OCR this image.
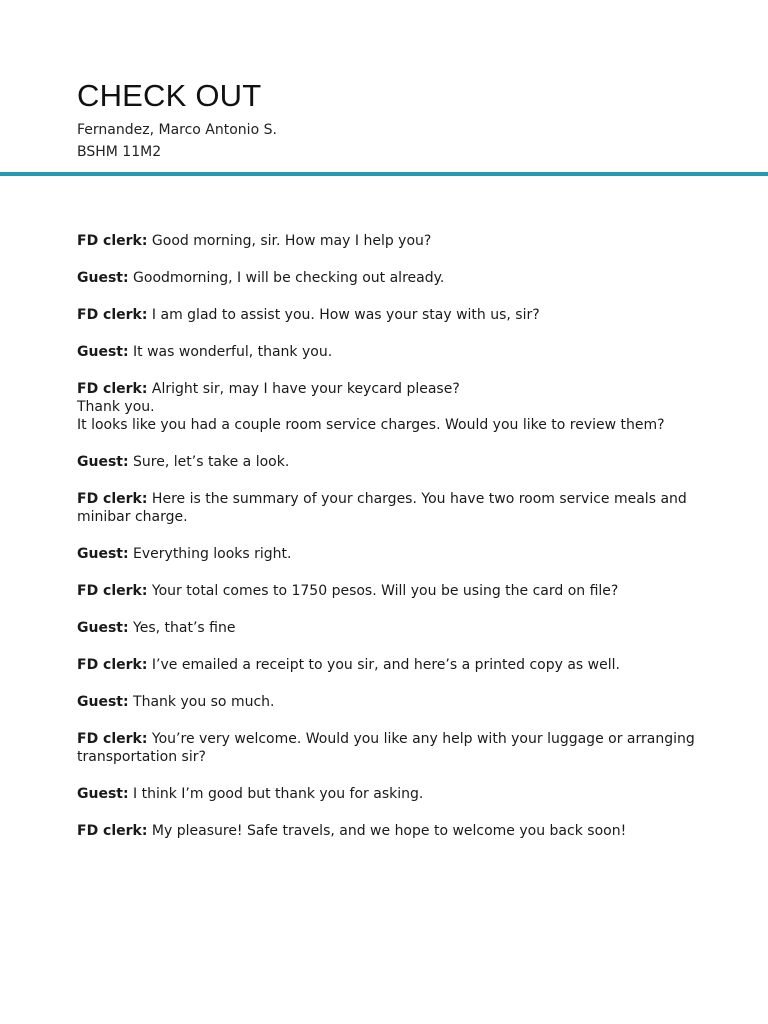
CHECK OUT

Fernandez, Marco Antonio S.

BSHM 11M2

FD clerk: Good morning, sir. How may I help you?

Guest: Goodmorning, I will be checking out already.

FD clerk: I am glad to assist you. How was your stay with us, sir?

Guest: It was wonderful, thank you.

FD clerk: Alright sir, may I have your keycard please?
Thank you.
It looks like you had a couple room service charges. Would you like to review them?

Guest: Sure, let’s take a look.

FD clerk: Here is the summary of your charges. You have two room service meals and minibar charge.

Guest: Everything looks right.

FD clerk: Your total comes to 1750 pesos. Will you be using the card on file?

Guest: Yes, that’s fine

FD clerk: I’ve emailed a receipt to you sir, and here’s a printed copy as well.

Guest: Thank you so much.

FD clerk: You’re very welcome. Would you like any help with your luggage or arranging transportation sir?

Guest: I think I’m good but thank you for asking.

FD clerk: My pleasure! Safe travels, and we hope to welcome you back soon!
